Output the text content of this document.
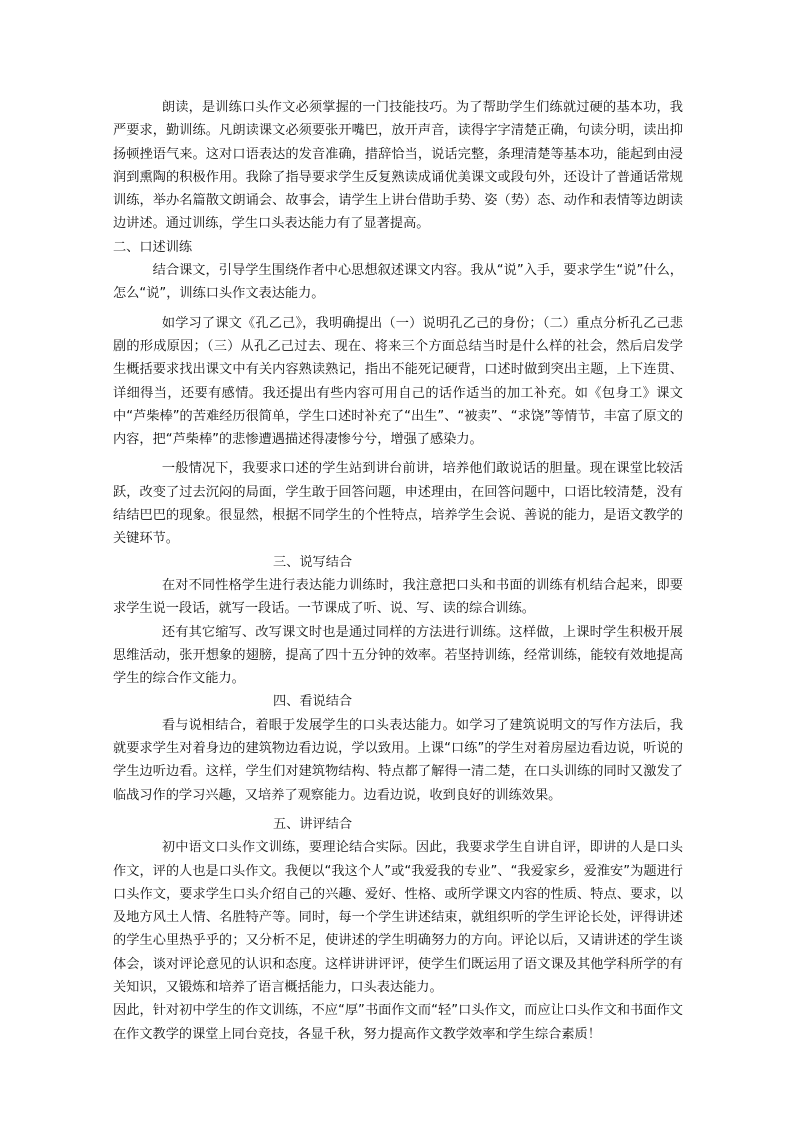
朗读，是训练口头作文必须掌握的一门技能技巧。为了帮助学生们练就过硬的基本功，我严要求，勤训练。凡朗读课文必须要张开嘴巴，放开声音，读得字字清楚正确，句读分明，读出抑扬顿挫语气来。这对口语表达的发音准确，措辞恰当，说话完整，条理清楚等基本功，能起到由浸润到熏陶的积极作用。我除了指导要求学生反复熟读成诵优美课文或段句外，还设计了普通话常规训练，举办名篇散文朗诵会、故事会，请学生上讲台借助手势、姿（势）态、动作和表情等边朗读边讲述。通过训练，学生口头表达能力有了显著提高。

二、口述训练

结合课文，引导学生围绕作者中心思想叙述课文内容。我从“说”入手，要求学生“说”什么，怎么“说”，训练口头作文表达能力。

如学习了课文《孔乙己》，我明确提出（一）说明孔乙己的身份；（二）重点分析孔乙己悲剧的形成原因；（三）从孔乙己过去、现在、将来三个方面总结当时是什么样的社会，然后启发学生概括要求找出课文中有关内容熟读熟记，指出不能死记硬背，口述时做到突出主题，上下连贯、详细得当，还要有感情。我还提出有些内容可用自己的话作适当的加工补充。如《包身工》课文中“芦柴棒”的苦难经历很简单，学生口述时补充了“出生”、“被卖”、“求饶”等情节，丰富了原文的内容，把“芦柴棒”的悲惨遭遇描述得凄惨兮兮，增强了感染力。

一般情况下，我要求口述的学生站到讲台前讲，培养他们敢说话的胆量。现在课堂比较活跃，改变了过去沉闷的局面，学生敢于回答问题，申述理由，在回答问题中，口语比较清楚，没有结结巴巴的现象。很显然，根据不同学生的个性特点，培养学生会说、善说的能力，是语文教学的关键环节。

三、说写结合

在对不同性格学生进行表达能力训练时，我注意把口头和书面的训练有机结合起来，即要求学生说一段话，就写一段话。一节课成了听、说、写、读的综合训练。

还有其它缩写、改写课文时也是通过同样的方法进行训练。这样做，上课时学生积极开展思维活动，张开想象的翅膀，提高了四十五分钟的效率。若坚持训练，经常训练，能较有效地提高学生的综合作文能力。

四、看说结合

看与说相结合，着眼于发展学生的口头表达能力。如学习了建筑说明文的写作方法后，我就要求学生对着身边的建筑物边看边说，学以致用。上课“口练”的学生对着房屋边看边说，听说的学生边听边看。这样，学生们对建筑物结构、特点都了解得一清二楚，在口头训练的同时又激发了临战习作的学习兴趣，又培养了观察能力。边看边说，收到良好的训练效果。

五、讲评结合

初中语文口头作文训练，要理论结合实际。因此，我要求学生自讲自评，即讲的人是口头作文，评的人也是口头作文。我便以“我这个人”或“我爱我的专业”、“我爱家乡，爱淮安”为题进行口头作文，要求学生口头介绍自己的兴趣、爱好、性格、或所学课文内容的性质、特点、要求，以及地方风土人情、名胜特产等。同时，每一个学生讲述结束，就组织听的学生评论长处，评得讲述的学生心里热乎乎的；又分析不足，使讲述的学生明确努力的方向。评论以后，又请讲述的学生谈体会，谈对评论意见的认识和态度。这样讲讲评评，使学生们既运用了语文课及其他学科所学的有关知识，又锻炼和培养了语言概括能力，口头表达能力。

因此，针对初中学生的作文训练，不应“厚”书面作文而“轻”口头作文，而应让口头作文和书面作文在作文教学的课堂上同台竞技，各显千秋，努力提高作文教学效率和学生综合素质！
